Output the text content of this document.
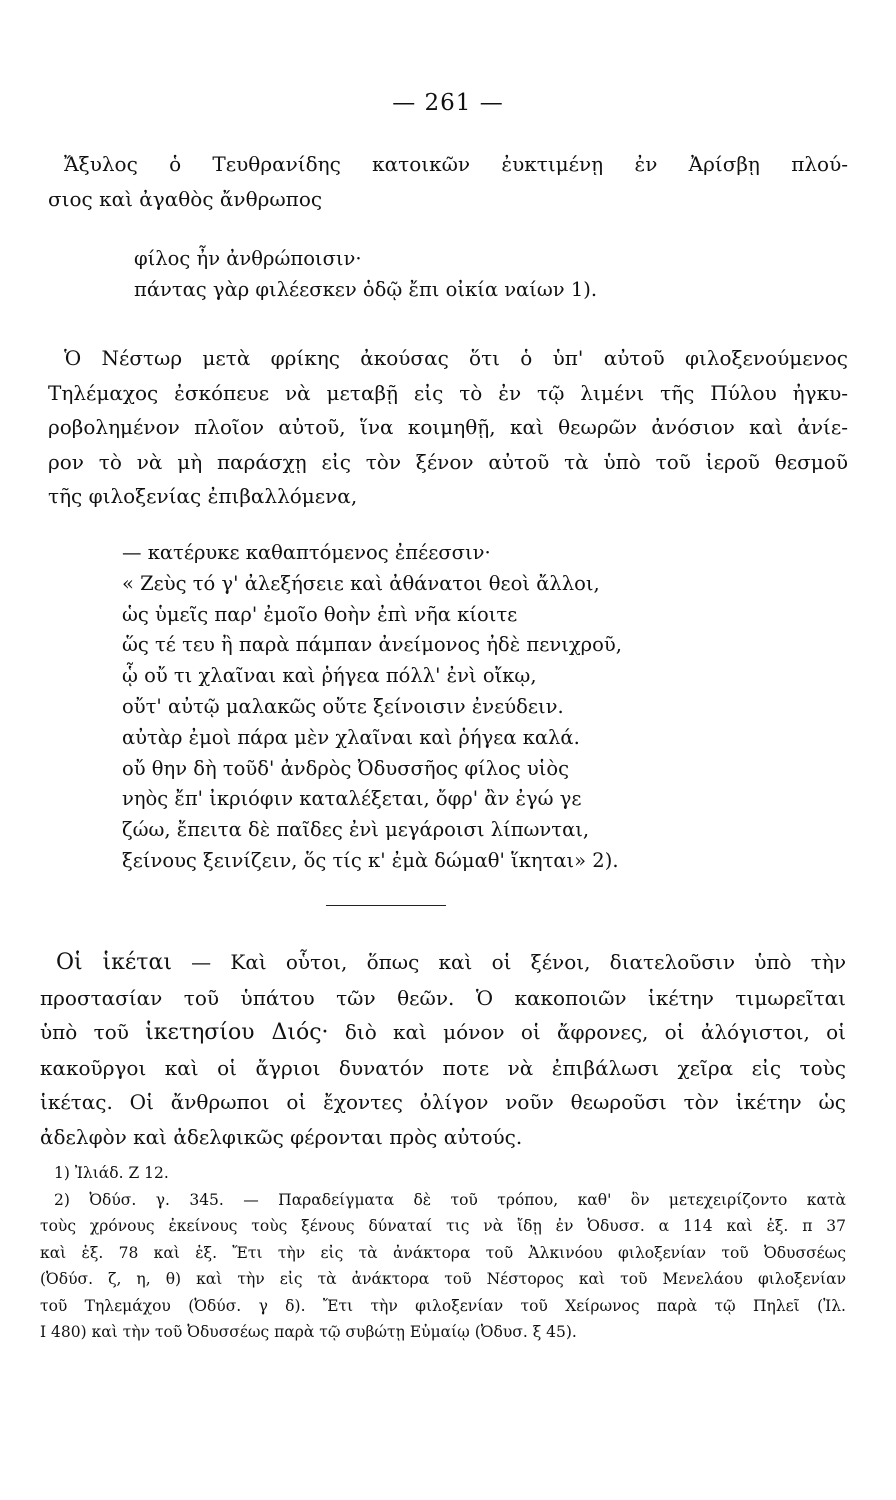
— 261 —
Ἄξυλος ὁ Τευθρανίδης κατοικῶν ἐυκτιμένῃ ἐν Ἀρίσβῃ πλού-
σιος καὶ ἀγαθὸς ἄνθρωπος
φίλος ἦν ἀνθρώποισιν·
πάντας γὰρ φιλέεσκεν ὁδῷ ἔπι οἰκία ναίων 1).
Ὁ Νέστωρ μετὰ φρίκης ἀκούσας ὅτι ὁ ὑπ' αὐτοῦ φιλοξενούμενος
Τηλέμαχος ἐσκόπευε νὰ μεταβῇ εἰς τὸ ἐν τῷ λιμένι τῆς Πύλου ἠγκυ-
ροβολημένον πλοῖον αὐτοῦ, ἵνα κοιμηθῇ, καὶ θεωρῶν ἀνόσιον καὶ ἀνίε-
ρον τὸ νὰ μὴ παράσχῃ εἰς τὸν ξένον αὐτοῦ τὰ ὑπὸ τοῦ ἱεροῦ θεσμοῦ
τῆς φιλοξενίας ἐπιβαλλόμενα,
— κατέρυκε καθαπτόμενος ἐπέεσσιν·
« Ζεὺς τό γ' ἀλεξήσειε καὶ ἀθάνατοι θεοὶ ἄλλοι,
ὡς ὑμεῖς παρ' ἐμοῖο θοὴν ἐπὶ νῆα κίοιτε
ὥς τέ τευ ἢ παρὰ πάμπαν ἀνείμονος ἠδὲ πενιχροῦ,
ᾧ οὔ τι χλαῖναι καὶ ῥήγεα πόλλ' ἐνὶ οἴκῳ,
οὔτ' αὐτῷ μαλακῶς οὔτε ξείνοισιν ἐνεύδειν.
αὐτὰρ ἐμοὶ πάρα μὲν χλαῖναι καὶ ῥήγεα καλά.
οὔ θην δὴ τοῦδ' ἀνδρὸς Ὀδυσσῆος φίλος υἱὸς
νηὸς ἔπ' ἰκριόφιν καταλέξεται, ὄφρ' ἂν ἐγώ γε
ζώω, ἔπειτα δὲ παῖδες ἐνὶ μεγάροισι λίπωνται,
ξείνους ξεινίζειν, ὅς τίς κ' ἐμὰ δώμαθ' ἵκηται» 2).
Οἱ ἱκέται — Καὶ οὗτοι, ὅπως καὶ οἱ ξένοι, διατελοῦσιν ὑπὸ τὴν
προστασίαν τοῦ ὑπάτου τῶν θεῶν. Ὁ κακοποιῶν ἱκέτην τιμωρεῖται
ὑπὸ τοῦ ἱκετησίου Διός· διὸ καὶ μόνον οἱ ἄφρονες, οἱ ἀλόγιστοι, οἱ
κακοῦργοι καὶ οἱ ἄγριοι δυνατόν ποτε νὰ ἐπιβάλωσι χεῖρα εἰς τοὺς
ἱκέτας. Οἱ ἄνθρωποι οἱ ἔχοντες ὀλίγον νοῦν θεωροῦσι τὸν ἱκέτην ὡς
ἀδελφὸν καὶ ἀδελφικῶς φέρονται πρὸς αὐτούς.
1) Ἰλιάδ. Ζ 12.
2) Ὀδύσ. γ. 345. — Παραδείγματα δὲ τοῦ τρόπου, καθ' ὃν μετεχειρίζοντο κατὰ
τοὺς χρόνους ἐκείνους τοὺς ξένους δύναταί τις νὰ ἴδῃ ἐν Ὀδυσσ. α 114 καὶ ἑξ. π 37
καὶ ἑξ. 78 καὶ ἑξ. Ἔτι τὴν εἰς τὰ ἀνάκτορα τοῦ Ἀλκινόου φιλοξενίαν τοῦ Ὀδυσσέως
(Ὀδύσ. ζ, η, θ) καὶ τὴν εἰς τὰ ἀνάκτορα τοῦ Νέστορος καὶ τοῦ Μενελάου φιλοξενίαν
τοῦ Τηλεμάχου (Ὀδύσ. γ δ). Ἔτι τὴν φιλοξενίαν τοῦ Χείρωνος παρὰ τῷ Πηλεῖ (Ἰλ.
Ι 480) καὶ τὴν τοῦ Ὀδυσσέως παρὰ τῷ συβώτῃ Εὐμαίῳ (Ὀδυσ. ξ 45).
